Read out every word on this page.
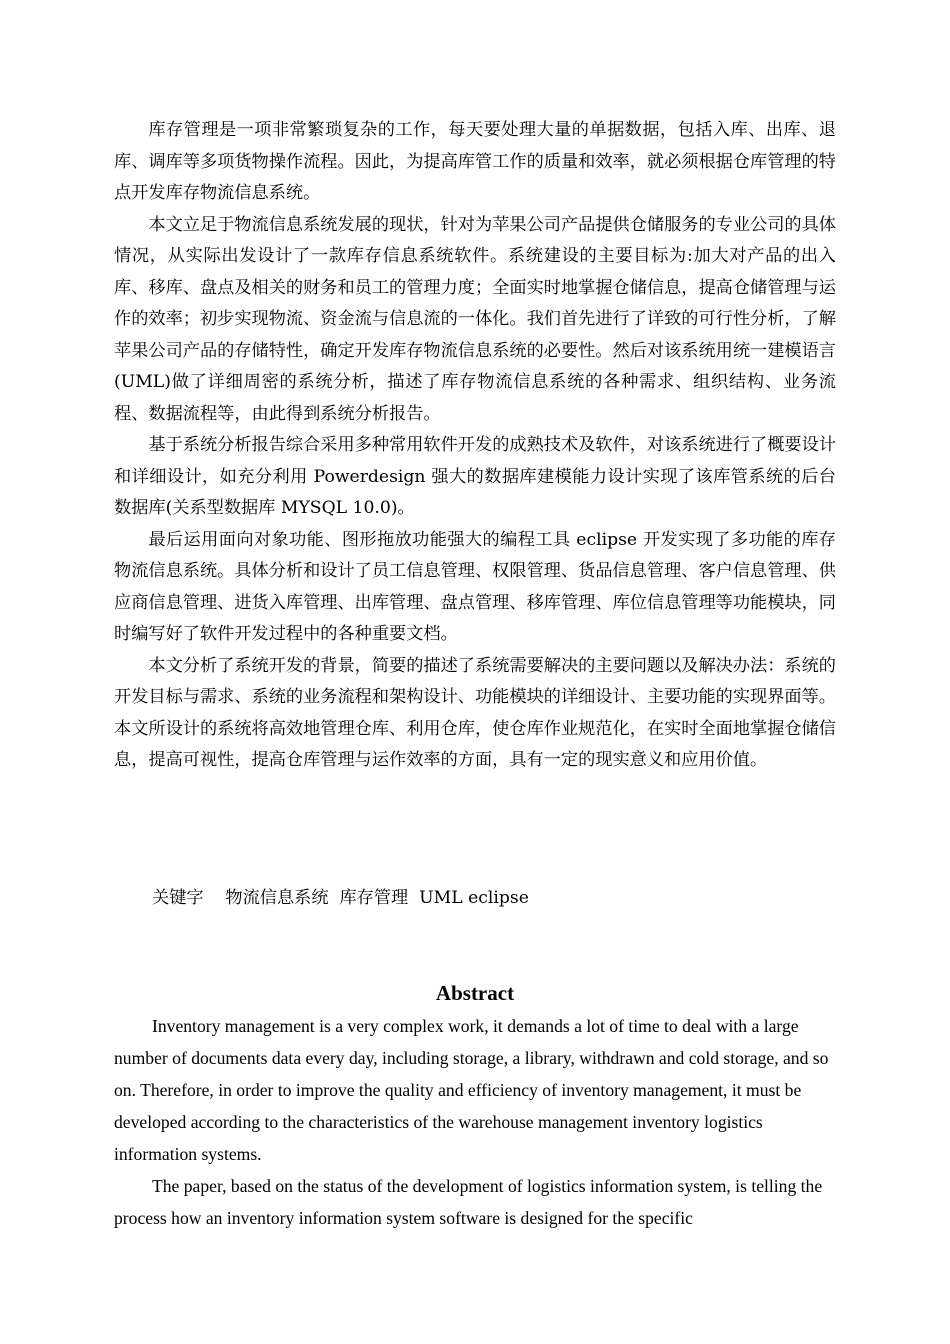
库存管理是一项非常繁琐复杂的工作，每天要处理大量的单据数据，包括入库、出库、退库、调库等多项货物操作流程。因此，为提高库管工作的质量和效率，就必须根据仓库管理的特点开发库存物流信息系统。

本文立足于物流信息系统发展的现状，针对为苹果公司产品提供仓储服务的专业公司的具体情况，从实际出发设计了一款库存信息系统软件。系统建设的主要目标为:加大对产品的出入库、移库、盘点及相关的财务和员工的管理力度；全面实时地掌握仓储信息，提高仓储管理与运作的效率；初步实现物流、资金流与信息流的一体化。我们首先进行了详致的可行性分析，了解苹果公司产品的存储特性，确定开发库存物流信息系统的必要性。然后对该系统用统一建模语言(UML)做了详细周密的系统分析，描述了库存物流信息系统的各种需求、组织结构、业务流程、数据流程等，由此得到系统分析报告。

基于系统分析报告综合采用多种常用软件开发的成熟技术及软件，对该系统进行了概要设计和详细设计，如充分利用 Powerdesign 强大的数据库建模能力设计实现了该库管系统的后台数据库(关系型数据库 MYSQL 10.0)。

最后运用面向对象功能、图形拖放功能强大的编程工具 eclipse 开发实现了多功能的库存物流信息系统。具体分析和设计了员工信息管理、权限管理、货品信息管理、客户信息管理、供应商信息管理、进货入库管理、出库管理、盘点管理、移库管理、库位信息管理等功能模块，同时编写好了软件开发过程中的各种重要文档。

本文分析了系统开发的背景，简要的描述了系统需要解决的主要问题以及解决办法：系统的开发目标与需求、系统的业务流程和架构设计、功能模块的详细设计、主要功能的实现界面等。本文所设计的系统将高效地管理仓库、利用仓库，使仓库作业规范化，在实时全面地掌握仓储信息，提高可视性，提高仓库管理与运作效率的方面，具有一定的现实意义和应用价值。

关键字    物流信息系统  库存管理  UML eclipse
Abstract

Inventory management is a very complex work, it demands a lot of time to deal with a large number of documents data every day, including storage, a library, withdrawn and cold storage, and so on. Therefore, in order to improve the quality and efficiency of inventory management, it must be developed according to the characteristics of the warehouse management inventory logistics information systems.

The paper, based on the status of the development of logistics information system, is telling the process how an inventory information system software is designed for the specific
